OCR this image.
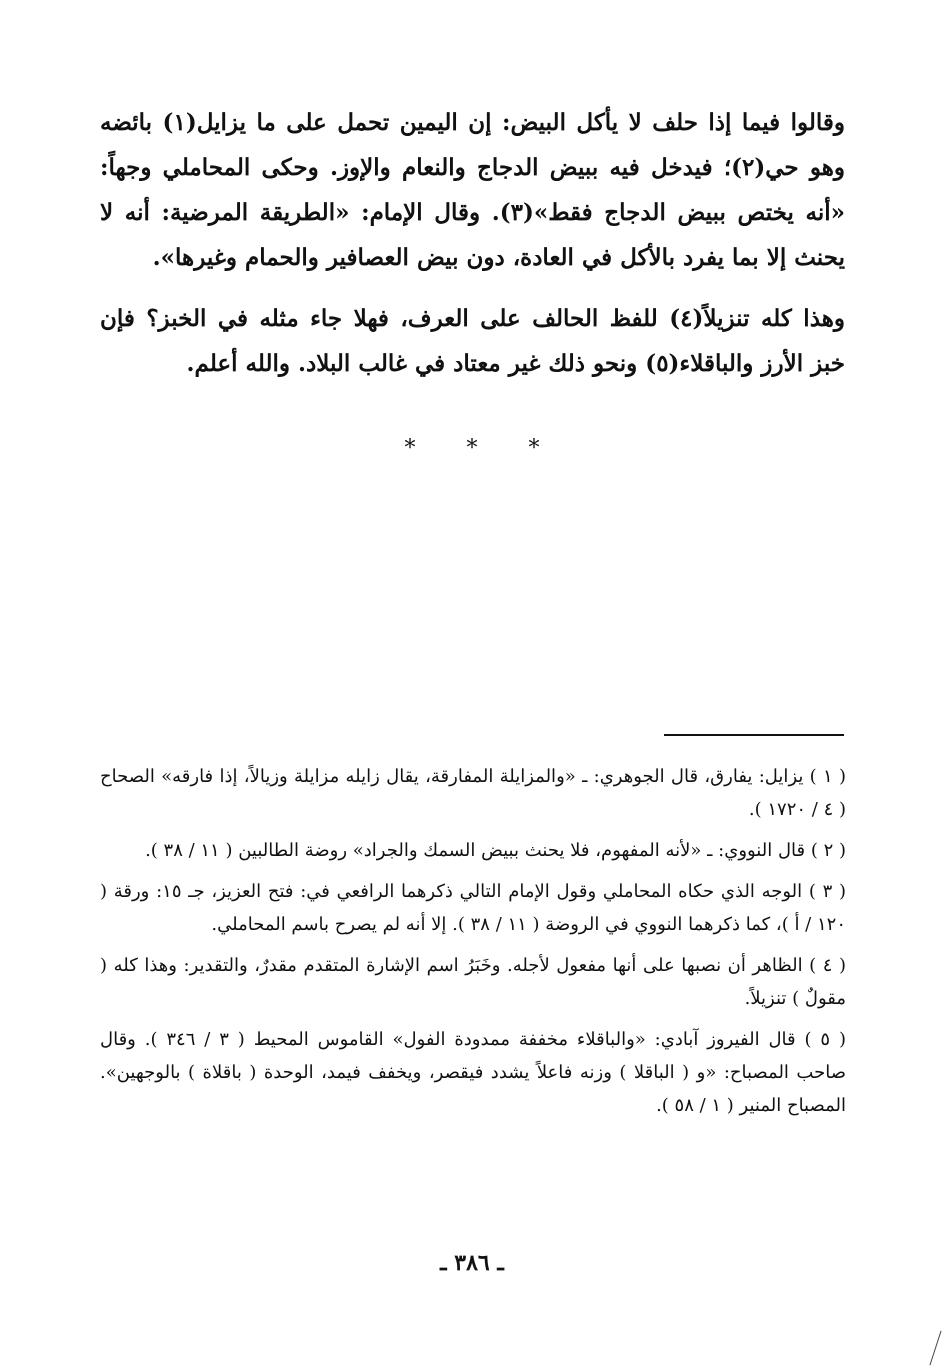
وقالوا فيما إذا حلف لا يأكل البيض: إن اليمين تحمل على ما يزايل(١) بائضه وهو حي(٢)؛ فيدخل فيه ببيض الدجاج والنعام والإوز. وحكى المحاملي وجهاً: «أنه يختص ببيض الدجاج فقط»(٣). وقال الإمام: «الطريقة المرضية: أنه لا يحنث إلا بما يفرد بالأكل في العادة، دون بيض العصافير والحمام وغيرها».

وهذا كله تنزيلاً(٤) للفظ الحالف على العرف، فهلا جاء مثله في الخبز؟ فإن خبز الأرز والباقلاء(٥) ونحو ذلك غير معتاد في غالب البلاد. والله أعلم.

* * *

( ١ ) يزايل: يفارق، قال الجوهري: ـ «والمزايلة المفارقة، يقال زايله مزايلة وزيالاً، إذا فارقه» الصحاح ( ٤ / ١٧٢٠ ).

( ٢ ) قال النووي: ـ «لأنه المفهوم، فلا يحنث ببيض السمك والجراد» روضة الطالبين ( ١١ / ٣٨ ).

( ٣ ) الوجه الذي حكاه المحاملي وقول الإمام التالي ذكرهما الرافعي في: فتح العزيز، جـ ١٥: ورقة ( ١٢٠ / أ )، كما ذكرهما النووي في الروضة ( ١١ / ٣٨ ). إلا أنه لم يصرح باسم المحاملي.

( ٤ ) الظاهر أن نصبها على أنها مفعول لأجله. وخَبَرُ اسم الإشارة المتقدم مقدرٌ، والتقدير: وهذا كله ( مقولٌ ) تنزيلاً.

( ٥ ) قال الفيروز آبادي: «والباقلاء مخففة ممدودة الفول» القاموس المحيط ( ٣ / ٣٤٦ ). وقال صاحب المصباح: «و ( الباقلا ) وزنه فاعلاً يشدد فيقصر، ويخفف فيمد، الوحدة ( باقلاة ) بالوجهين». المصباح المنير ( ١ / ٥٨ ).

ـ ٣٨٦ ـ
